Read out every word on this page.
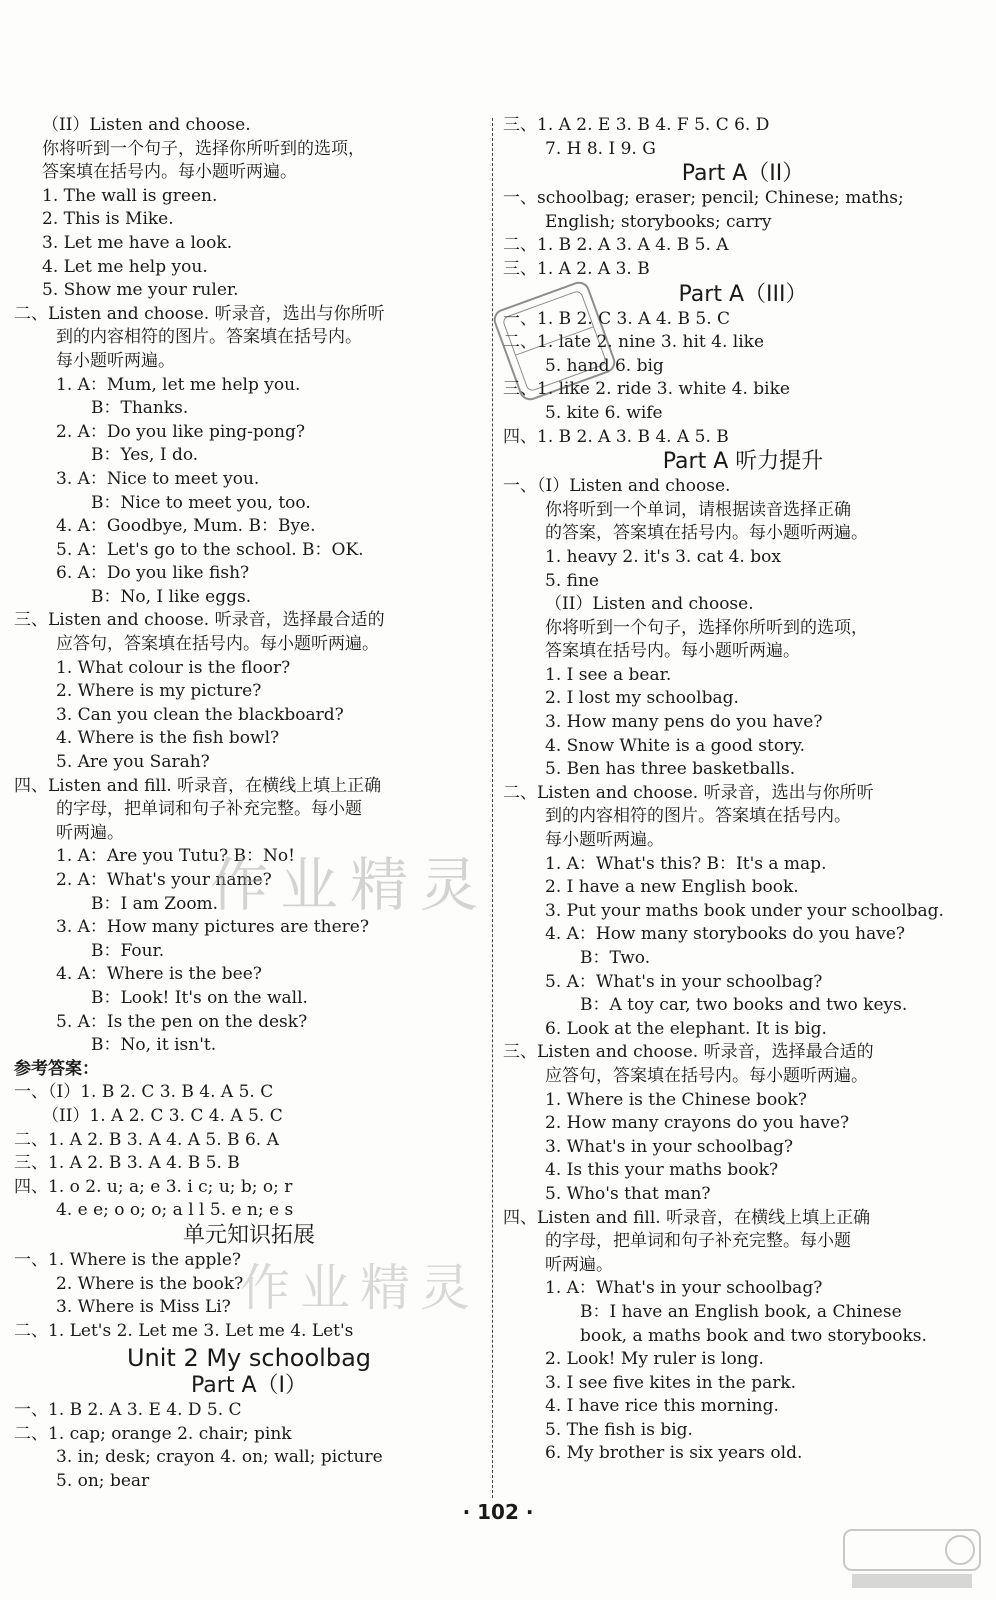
（II）Listen and choose.
你将听到一个句子，选择你所听到的选项，
答案填在括号内。每小题听两遍。
1. The wall is green.
2. This is Mike.
3. Let me have a look.
4. Let me help you.
5. Show me your ruler.
二、Listen and choose. 听录音，选出与你所听
到的内容相符的图片。答案填在括号内。
每小题听两遍。
1. A：Mum, let me help you.
B：Thanks.
2. A：Do you like ping-pong?
B：Yes, I do.
3. A：Nice to meet you.
B：Nice to meet you, too.
4. A：Goodbye, Mum. B：Bye.
5. A：Let's go to the school. B：OK.
6. A：Do you like fish?
B：No, I like eggs.
三、Listen and choose. 听录音，选择最合适的
应答句，答案填在括号内。每小题听两遍。
1. What colour is the floor?
2. Where is my picture?
3. Can you clean the blackboard?
4. Where is the fish bowl?
5. Are you Sarah?
四、Listen and fill. 听录音，在横线上填上正确
的字母，把单词和句子补充完整。每小题
听两遍。
1. A：Are you Tutu? B：No!
2. A：What's your name?
B：I am Zoom.
3. A：How many pictures are there?
B：Four.
4. A：Where is the bee?
B：Look! It's on the wall.
5. A：Is the pen on the desk?
B：No, it isn't.
参考答案：
一、（I）1. B 2. C 3. B 4. A 5. C
（II）1. A 2. C 3. C 4. A 5. C
二、1. A 2. B 3. A 4. A 5. B 6. A
三、1. A 2. B 3. A 4. B 5. B
四、1. o 2. u; a; e 3. i c; u; b; o; r
4. e e; o o; o; a l l 5. e n; e s
单元知识拓展
一、1. Where is the apple?
2. Where is the book?
3. Where is Miss Li?
二、1. Let's 2. Let me 3. Let me 4. Let's
Unit 2 My schoolbag
Part A（I）
一、1. B 2. A 3. E 4. D 5. C
二、1. cap; orange 2. chair; pink
3. in; desk; crayon 4. on; wall; picture
5. on; bear
三、1. A 2. E 3. B 4. F 5. C 6. D
7. H 8. I 9. G
Part A（II）
一、schoolbag; eraser; pencil; Chinese; maths;
English; storybooks; carry
二、1. B 2. A 3. A 4. B 5. A
三、1. A 2. A 3. B
Part A（III）
一、1. B 2. C 3. A 4. B 5. C
二、1. late 2. nine 3. hit 4. like
5. hand 6. big
三、1. like 2. ride 3. white 4. bike
5. kite 6. wife
四、1. B 2. A 3. B 4. A 5. B
Part A 听力提升
一、（I）Listen and choose.
你将听到一个单词，请根据读音选择正确
的答案，答案填在括号内。每小题听两遍。
1. heavy 2. it's 3. cat 4. box
5. fine
（II）Listen and choose.
你将听到一个句子，选择你所听到的选项，
答案填在括号内。每小题听两遍。
1. I see a bear.
2. I lost my schoolbag.
3. How many pens do you have?
4. Snow White is a good story.
5. Ben has three basketballs.
二、Listen and choose. 听录音，选出与你所听
到的内容相符的图片。答案填在括号内。
每小题听两遍。
1. A：What's this? B：It's a map.
2. I have a new English book.
3. Put your maths book under your schoolbag.
4. A：How many storybooks do you have?
B：Two.
5. A：What's in your schoolbag?
B：A toy car, two books and two keys.
6. Look at the elephant. It is big.
三、Listen and choose. 听录音，选择最合适的
应答句，答案填在括号内。每小题听两遍。
1. Where is the Chinese book?
2. How many crayons do you have?
3. What's in your schoolbag?
4. Is this your maths book?
5. Who's that man?
四、Listen and fill. 听录音，在横线上填上正确
的字母，把单词和句子补充完整。每小题
听两遍。
1. A：What's in your schoolbag?
B：I have an English book, a Chinese
book, a maths book and two storybooks.
2. Look! My ruler is long.
3. I see five kites in the park.
4. I have rice this morning.
5. The fish is big.
6. My brother is six years old.
作业精灵
作业精灵
· 102 ·
